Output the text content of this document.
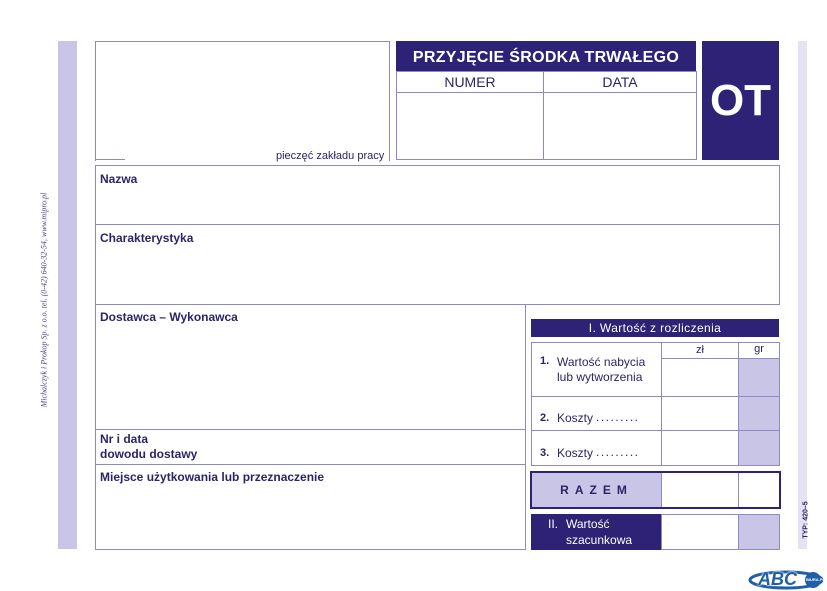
Michalczyk i Prokop Sp. z o.o. tel. (0-42) 640-32-54, www.mipro.pl
TYP: 420–5
pieczęć zakładu pracy
PRZYJĘCIE ŚRODKA TRWAŁEGO
NUMER	DATA	OT
Nazwa
Charakterystyka
Dostawca – Wykonawca
Nr i data
dowodu dostawy
Miejsce użytkowania lub przeznaczenie
I. Wartość z rozliczenia
zł	gr
1. Wartość nabycia
lub wytworzenia
2. Koszty .........
3. Koszty .........
RAZEM
II. Wartość
szacunkowa
ABC BIURA.PL
